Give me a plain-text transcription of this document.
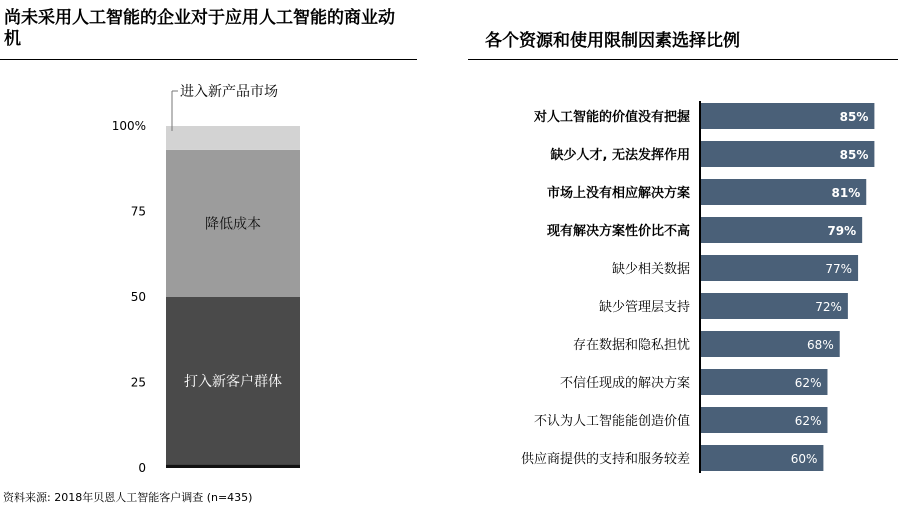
尚未采用人工智能的企业对于应用人工智能的商业动机	各个资源和使用限制因素选择比例
0
25
50
75
100%
打入新客户群体
降低成本
进入新产品市场
对人工智能的价值没有把握	85%
缺少人才, 无法发挥作用	85%
市场上没有相应解决方案	81%
现有解决方案性价比不高	79%
缺少相关数据	77%
缺少管理层支持	72%
存在数据和隐私担忧	68%
不信任现成的解决方案	62%
不认为人工智能能创造价值	62%
供应商提供的支持和服务较差	60%
资料来源: 2018年贝恩人工智能客户调查 (n=435)
